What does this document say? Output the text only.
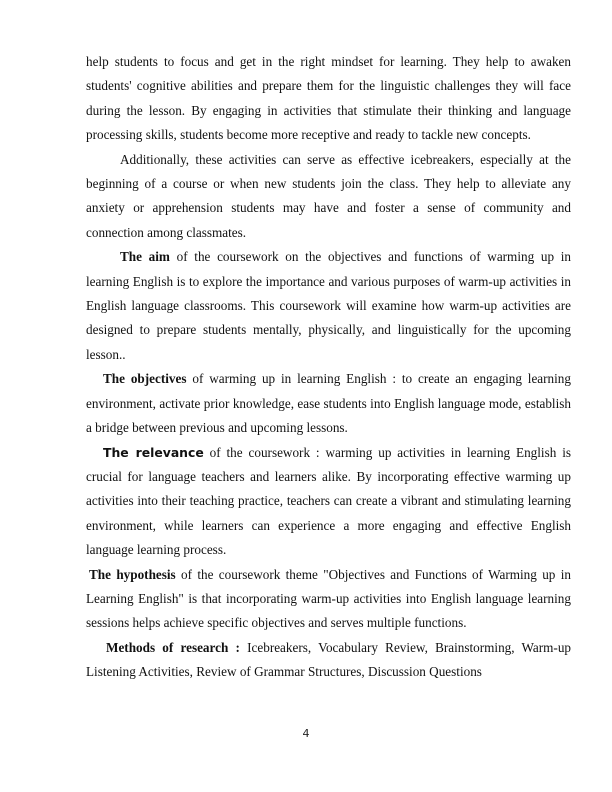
help students to focus and get in the right mindset for learning. They help to awaken students' cognitive abilities and prepare them for the linguistic challenges they will face during the lesson. By engaging in activities that stimulate their thinking and language processing skills, students become more receptive and ready to tackle new concepts.

Additionally, these activities can serve as effective icebreakers, especially at the beginning of a course or when new students join the class. They help to alleviate any anxiety or apprehension students may have and foster a sense of community and connection among classmates.

The aim of the coursework on the objectives and functions of warming up in learning English is to explore the importance and various purposes of warm-up activities in English language classrooms. This coursework will examine how warm-up activities are designed to prepare students mentally, physically, and linguistically for the upcoming lesson..

The objectives of warming up in learning English : to create an engaging learning environment, activate prior knowledge, ease students into English language mode, establish a bridge between previous and upcoming lessons.

The relevance of the coursework : warming up activities in learning English is crucial for language teachers and learners alike. By incorporating effective warming up activities into their teaching practice, teachers can create a vibrant and stimulating learning environment, while learners can experience a more engaging and effective English language learning process.

The hypothesis of the coursework theme "Objectives and Functions of Warming up in Learning English" is that incorporating warm-up activities into English language learning sessions helps achieve specific objectives and serves multiple functions.

Methods of research : Icebreakers, Vocabulary Review, Brainstorming, Warm-up Listening Activities, Review of Grammar Structures, Discussion Questions

4
